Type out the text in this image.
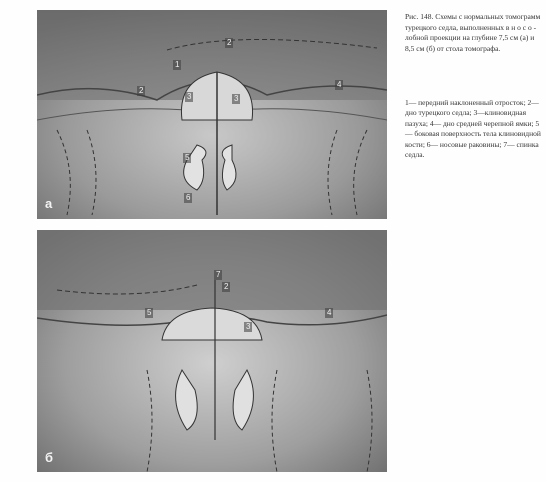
а
1
2
2
3	3
4
5
6
б
7
2
5
3
4

Рис. 148. Схемы с нормальных томограмм турецкого седла, выполненных в н о с о - лобной проекции на глубине 7,5 см (а) и 8,5 см (б) от стола томографа.

1— передний наклоненный отросток; 2— дно турецкого седла; 3—клиновидная пазуха; 4— дно средней черепной ямки; 5— боковая поверхность тела клиновидной кости; 6— носовые раковины; 7— спинка седла.
